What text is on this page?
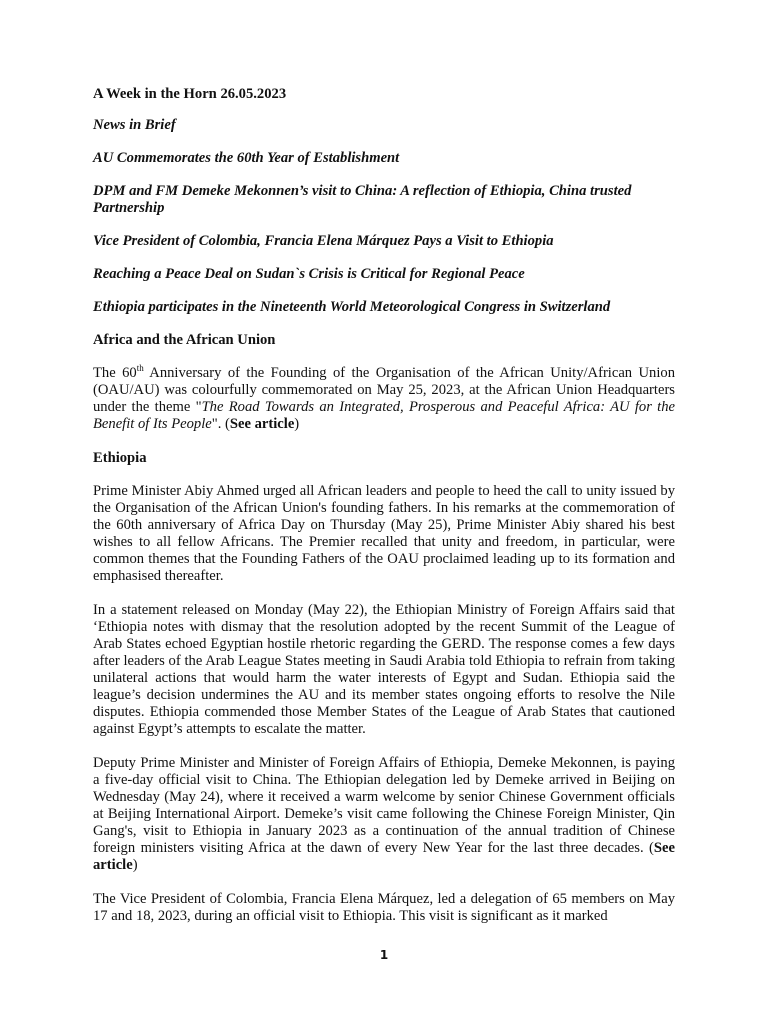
A Week in the Horn 26.05.2023
News in Brief
AU Commemorates the 60th Year of Establishment
DPM and FM Demeke Mekonnen’s visit to China: A reflection of Ethiopia, China trusted Partnership
Vice President of Colombia, Francia Elena Márquez Pays a Visit to Ethiopia
Reaching a Peace Deal on Sudan`s Crisis is Critical for Regional Peace
Ethiopia participates in the Nineteenth World Meteorological Congress in Switzerland
Africa and the African Union

The 60th Anniversary of the Founding of the Organisation of the African Unity/African Union (OAU/AU) was colourfully commemorated on May 25, 2023, at the African Union Headquarters under the theme "The Road Towards an Integrated, Prosperous and Peaceful Africa: AU for the Benefit of Its People". (See article)

Ethiopia

Prime Minister Abiy Ahmed urged all African leaders and people to heed the call to unity issued by the Organisation of the African Union's founding fathers. In his remarks at the commemoration of the 60th anniversary of Africa Day on Thursday (May 25), Prime Minister Abiy shared his best wishes to all fellow Africans. The Premier recalled that unity and freedom, in particular, were common themes that the Founding Fathers of the OAU proclaimed leading up to its formation and emphasised thereafter.

In a statement released on Monday (May 22), the Ethiopian Ministry of Foreign Affairs said that ‘Ethiopia notes with dismay that the resolution adopted by the recent Summit of the League of Arab States echoed Egyptian hostile rhetoric regarding the GERD. The response comes a few days after leaders of the Arab League States meeting in Saudi Arabia told Ethiopia to refrain from taking unilateral actions that would harm the water interests of Egypt and Sudan. Ethiopia said the league’s decision undermines the AU and its member states ongoing efforts to resolve the Nile disputes. Ethiopia commended those Member States of the League of Arab States that cautioned against Egypt’s attempts to escalate the matter.

Deputy Prime Minister and Minister of Foreign Affairs of Ethiopia, Demeke Mekonnen, is paying a five-day official visit to China. The Ethiopian delegation led by Demeke arrived in Beijing on Wednesday (May 24), where it received a warm welcome by senior Chinese Government officials at Beijing International Airport. Demeke’s visit came following the Chinese Foreign Minister, Qin Gang's, visit to Ethiopia in January 2023 as a continuation of the annual tradition of Chinese foreign ministers visiting Africa at the dawn of every New Year for the last three decades. (See article)

The Vice President of Colombia, Francia Elena Márquez, led a delegation of 65 members on May 17 and 18, 2023, during an official visit to Ethiopia. This visit is significant as it marked

1
